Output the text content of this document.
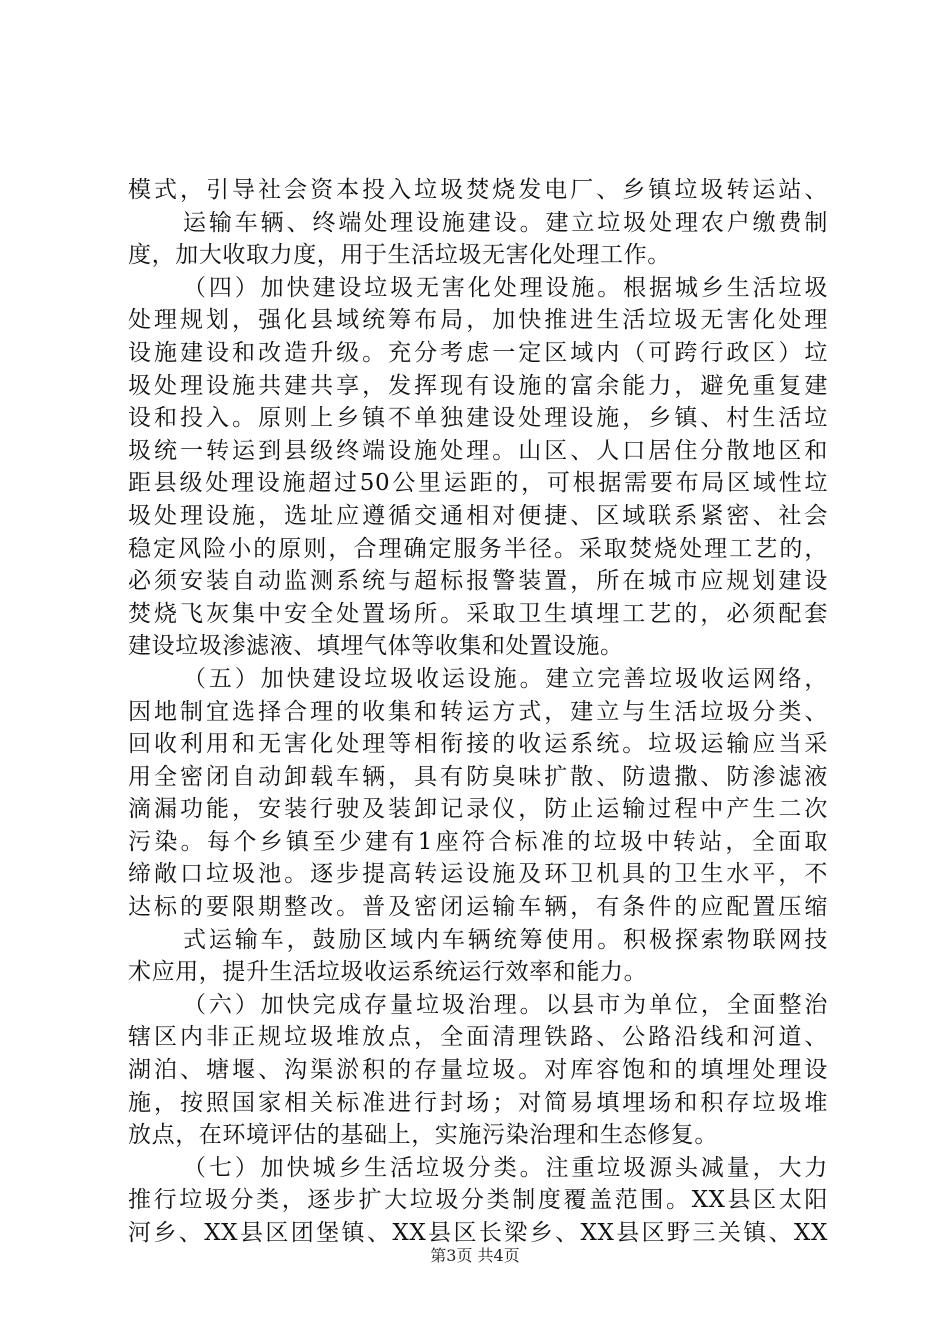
模式，引导社会资本投入垃圾焚烧发电厂、乡镇垃圾转运站、
运输车辆、终端处理设施建设。建立垃圾处理农户缴费制
度，加大收取力度，用于生活垃圾无害化处理工作。
（四）加快建设垃圾无害化处理设施。根据城乡生活垃圾
处理规划，强化县域统筹布局，加快推进生活垃圾无害化处理
设施建设和改造升级。充分考虑一定区域内（可跨行政区）垃
圾处理设施共建共享，发挥现有设施的富余能力，避免重复建
设和投入。原则上乡镇不单独建设处理设施，乡镇、村生活垃
圾统一转运到县级终端设施处理。山区、人口居住分散地区和
距县级处理设施超过50公里运距的，可根据需要布局区域性垃
圾处理设施，选址应遵循交通相对便捷、区域联系紧密、社会
稳定风险小的原则，合理确定服务半径。采取焚烧处理工艺的，
必须安装自动监测系统与超标报警装置，所在城市应规划建设
焚烧飞灰集中安全处置场所。采取卫生填埋工艺的，必须配套
建设垃圾渗滤液、填埋气体等收集和处置设施。
（五）加快建设垃圾收运设施。建立完善垃圾收运网络，
因地制宜选择合理的收集和转运方式，建立与生活垃圾分类、
回收利用和无害化处理等相衔接的收运系统。垃圾运输应当采
用全密闭自动卸载车辆，具有防臭味扩散、防遗撒、防渗滤液
滴漏功能，安装行驶及装卸记录仪，防止运输过程中产生二次
污染。每个乡镇至少建有1座符合标准的垃圾中转站，全面取
缔敞口垃圾池。逐步提高转运设施及环卫机具的卫生水平，不
达标的要限期整改。普及密闭运输车辆，有条件的应配置压缩
式运输车，鼓励区域内车辆统筹使用。积极探索物联网技
术应用，提升生活垃圾收运系统运行效率和能力。
（六）加快完成存量垃圾治理。以县市为单位，全面整治
辖区内非正规垃圾堆放点，全面清理铁路、公路沿线和河道、
湖泊、塘堰、沟渠淤积的存量垃圾。对库容饱和的填埋处理设
施，按照国家相关标准进行封场；对简易填埋场和积存垃圾堆
放点，在环境评估的基础上，实施污染治理和生态修复。
（七）加快城乡生活垃圾分类。注重垃圾源头减量，大力
推行垃圾分类，逐步扩大垃圾分类制度覆盖范围。XX县区太阳
河乡、XX县区团堡镇、XX县区长梁乡、XX县区野三关镇、XX
第3页 共4页
